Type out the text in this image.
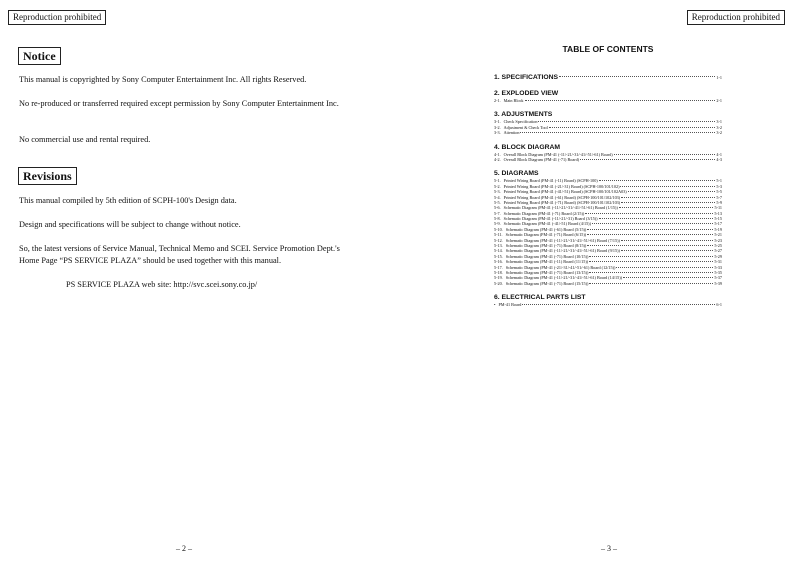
Reproduction prohibited	Reproduction prohibited
Notice
This manual is copyrighted by Sony Computer Entertainment Inc. All rights Reserved.
No re-produced or transferred required except permission by Sony Computer Entertainment Inc.
No commercial use and rental required.
Revisions
This manual compiled by 5th edition of SCPH-100's Design data.
Design and specifications will be subject to change without notice.
So, the latest versions of Service Manual, Technical Memo and SCEI. Service Promotion Dept.'s Home Page “PS SERVICE PLAZA” should be used together with this manual.
PS SERVICE PLAZA web site: http://svc.scei.sony.co.jp/
– 2 –
TABLE OF CONTENTS
1. SPECIFICATIONS	1-1
2. EXPLODED VIEW
2-1. Main Block	2-1
3. ADJUSTMENTS
3-1. Check Specification	3-1
3-2. Adjustment & Check Tool	3-2
3-3. Attention	3-2
4. BLOCK DIAGRAM
4-1. Overall Block Diagram (PM-41 (-11/-21/-31/-41/-51/-61) Board)	4-1
4-2. Overall Block Diagram (PM-41 (-71) Board)	4-3
5. DIAGRAMS
5-1. Printed Wiring Board (PM-41 (-11) Board) (SCPH-100)	5-1
5-2. Printed Wiring Board (PM-41 (-21/-31) Board) (SCPH-100/101/102)	5-3
5-3. Printed Wiring Board (PM-41 (-41/-51) Board) (SCPH-100/101/102A03)	5-5
5-4. Printed Wiring Board (PM-41 (-61) Board) (SCPH-100/101/102/103)	5-7
5-5. Printed Wiring Board (PM-41 (-71) Board) (SCPH-100/101/102/103)	5-9
5-6. Schematic Diagram (PM-41 (-11/-21/-31/-41/-51/-61) Board (1/15))	5-11
5-7. Schematic Diagram (PM-41 (-71) Board (2/15))	5-13
5-8. Schematic Diagram (PM-41 (-11/-21/-31) Board (3/15))	5-15
5-9. Schematic Diagram (PM-41 (-41/-51) Board (4/15))	5-17
5-10. Schematic Diagram (PM-41 (-61) Board (5/15))	5-19
5-11. Schematic Diagram (PM-41 (-71) Board (6/15))	5-21
5-12. Schematic Diagram (PM-41 (-11/-21/-31/-41/-51/-61) Board (7/15))	5-23
5-13. Schematic Diagram (PM-41 (-71) Board (8/15))	5-25
5-14. Schematic Diagram (PM-41 (-11/-21/-31/-41/-51/-61) Board (9/15))	5-27
5-15. Schematic Diagram (PM-41 (-71) Board (10/15))	5-29
5-16. Schematic Diagram (PM-41 (-11) Board (11/15))	5-31
5-17. Schematic Diagram (PM-41 (-21/-31/-41/-51/-61) Board (12/15))	5-33
5-18. Schematic Diagram (PM-41 (-71) Board (13/15))	5-35
5-19. Schematic Diagram (PM-41 (-11/-21/-31/-41/-51/-61) Board (14/15))	5-37
5-20. Schematic Diagram (PM-41 (-71) Board (15/15))	5-39
6. ELECTRICAL PARTS LIST
• PM-41 Board	6-1
– 3 –
